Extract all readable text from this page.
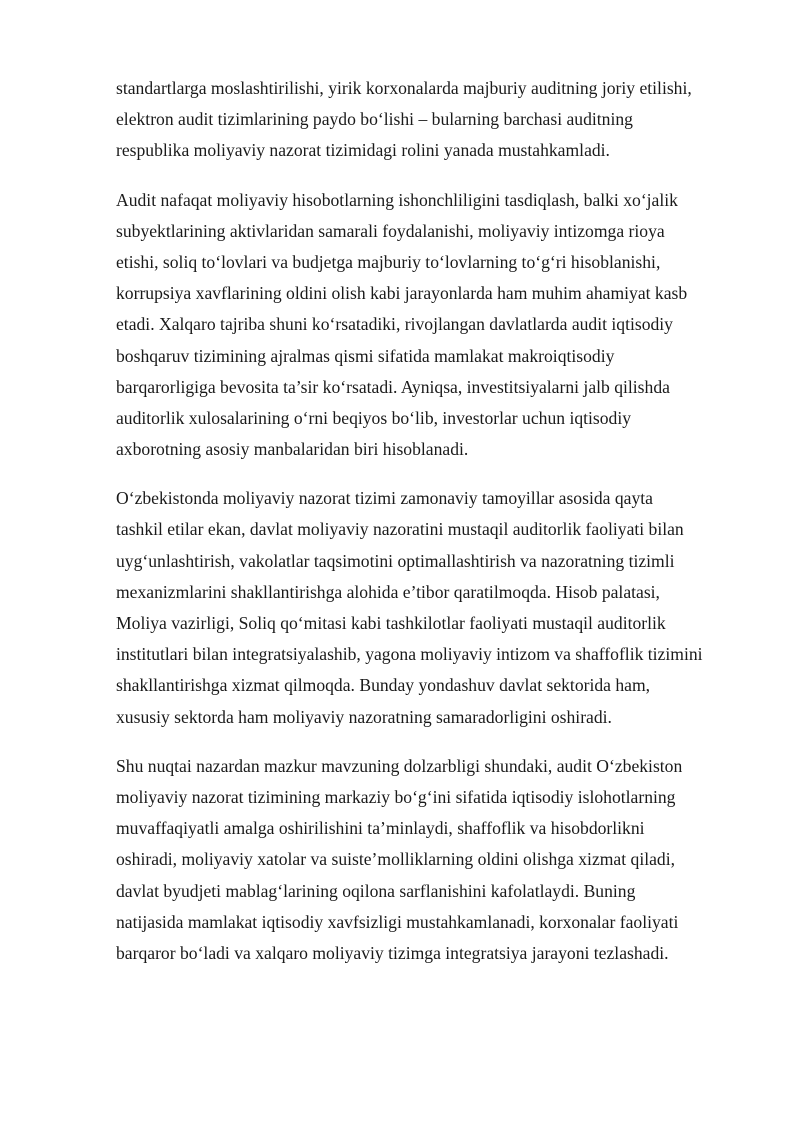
standartlarga moslashtirilishi, yirik korxonalarda majburiy auditning joriy etilishi,
elektron audit tizimlarining paydo bo‘lishi – bularning barchasi auditning
respublika moliyaviy nazorat tizimidagi rolini yanada mustahkamladi.

Audit nafaqat moliyaviy hisobotlarning ishonchliligini tasdiqlash, balki xo‘jalik
subyektlarining aktivlaridan samarali foydalanishi, moliyaviy intizomga rioya
etishi, soliq to‘lovlari va budjetga majburiy to‘lovlarning to‘g‘ri hisoblanishi,
korrupsiya xavflarining oldini olish kabi jarayonlarda ham muhim ahamiyat kasb
etadi. Xalqaro tajriba shuni ko‘rsatadiki, rivojlangan davlatlarda audit iqtisodiy
boshqaruv tizimining ajralmas qismi sifatida mamlakat makroiqtisodiy
barqarorligiga bevosita ta’sir ko‘rsatadi. Ayniqsa, investitsiyalarni jalb qilishda
auditorlik xulosalarining o‘rni beqiyos bo‘lib, investorlar uchun iqtisodiy
axborotning asosiy manbalaridan biri hisoblanadi.

O‘zbekistonda moliyaviy nazorat tizimi zamonaviy tamoyillar asosida qayta
tashkil etilar ekan, davlat moliyaviy nazoratini mustaqil auditorlik faoliyati bilan
uyg‘unlashtirish, vakolatlar taqsimotini optimallashtirish va nazoratning tizimli
mexanizmlarini shakllantirishga alohida e’tibor qaratilmoqda. Hisob palatasi,
Moliya vazirligi, Soliq qo‘mitasi kabi tashkilotlar faoliyati mustaqil auditorlik
institutlari bilan integratsiyalashib, yagona moliyaviy intizom va shaffoflik tizimini
shakllantirishga xizmat qilmoqda. Bunday yondashuv davlat sektorida ham,
xususiy sektorda ham moliyaviy nazoratning samaradorligini oshiradi.

Shu nuqtai nazardan mazkur mavzuning dolzarbligi shundaki, audit O‘zbekiston
moliyaviy nazorat tizimining markaziy bo‘g‘ini sifatida iqtisodiy islohotlarning
muvaffaqiyatli amalga oshirilishini ta’minlaydi, shaffoflik va hisobdorlikni
oshiradi, moliyaviy xatolar va suiste’molliklarning oldini olishga xizmat qiladi,
davlat byudjeti mablag‘larining oqilona sarflanishini kafolatlaydi. Buning
natijasida mamlakat iqtisodiy xavfsizligi mustahkamlanadi, korxonalar faoliyati
barqaror bo‘ladi va xalqaro moliyaviy tizimga integratsiya jarayoni tezlashadi.
